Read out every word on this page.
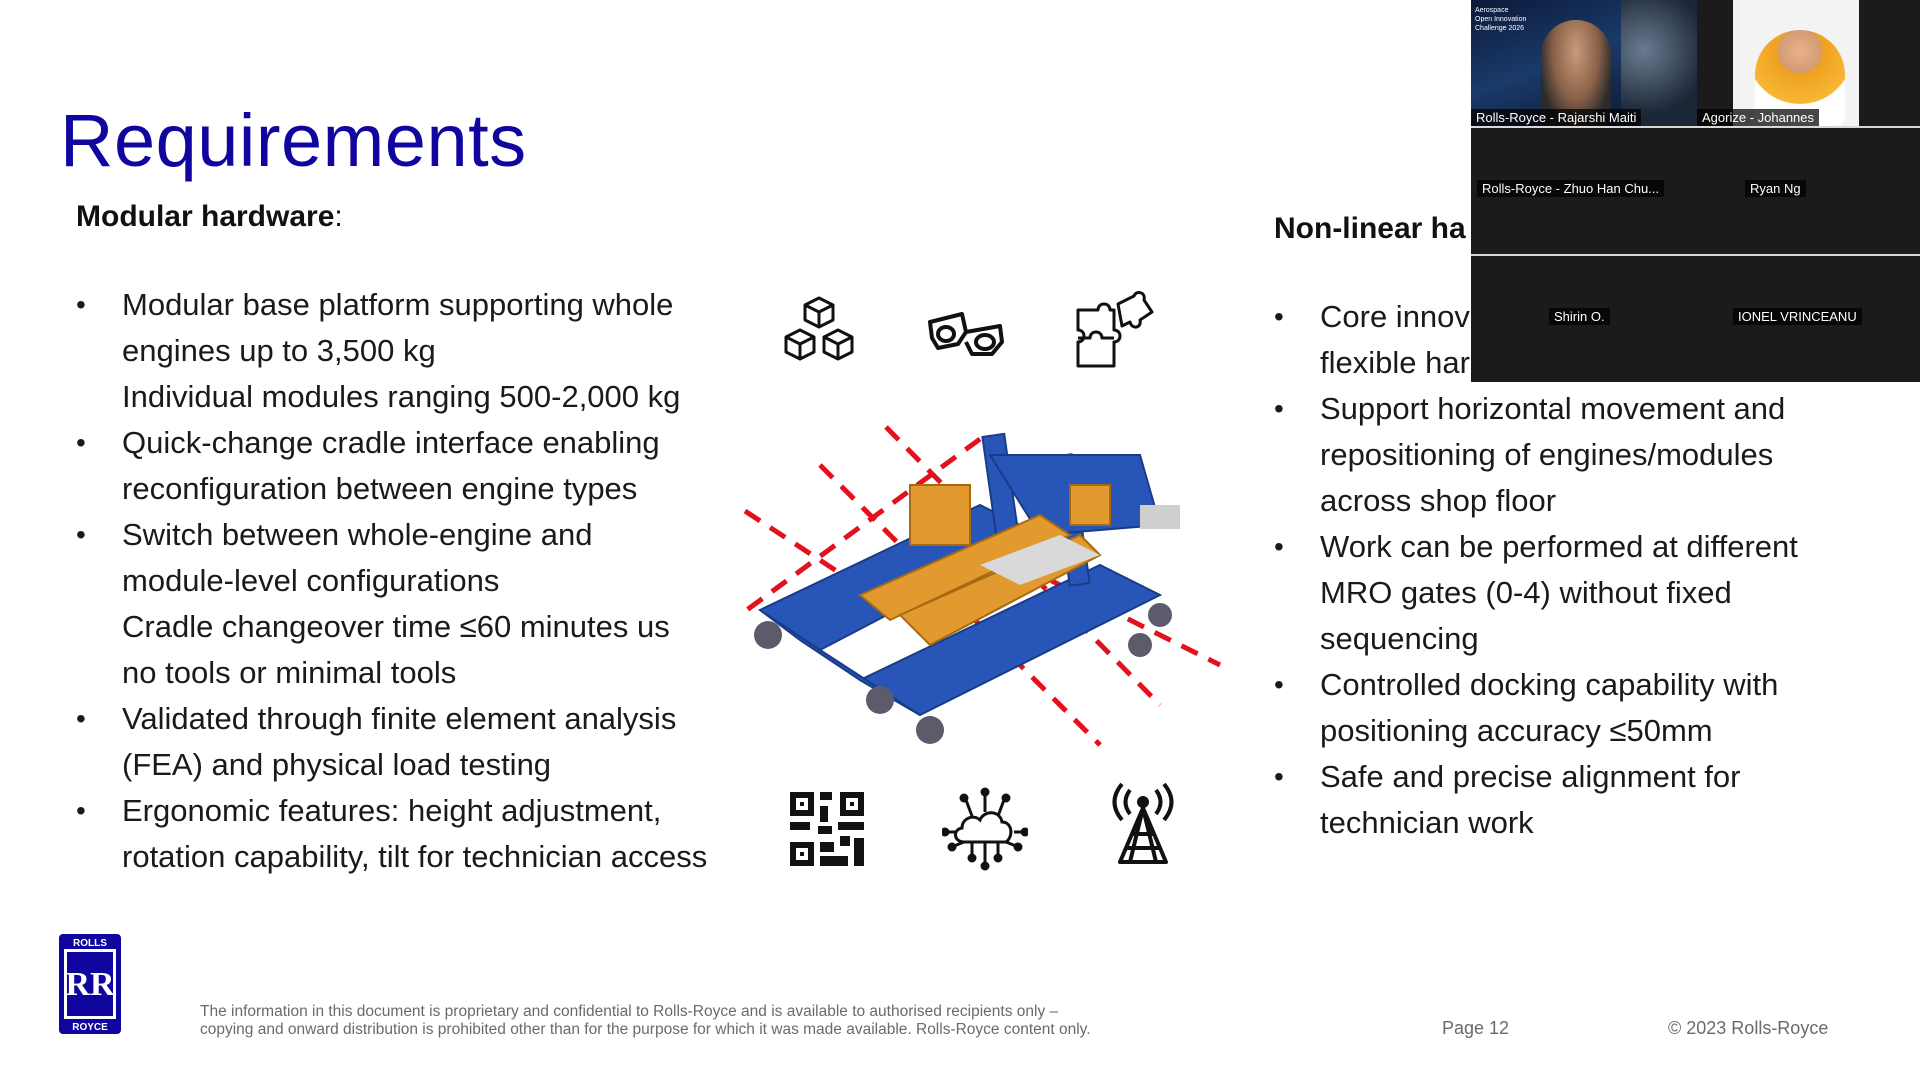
Requirements
Modular hardware:
• Modular base platform supporting whole
engines up to 3,500 kg
Individual modules ranging 500-2,000 kg
• Quick-change cradle interface enabling
reconfiguration between engine types
• Switch between whole-engine and
module-level configurations
Cradle changeover time ≤60 minutes us
no tools or minimal tools
• Validated through finite element analysis
(FEA) and physical load testing
• Ergonomic features: height adjustment,
rotation capability, tilt for technician access
Non-linear ha
• Core innov
flexible har
• Support horizontal movement and
repositioning of engines/modules
across shop floor
• Work can be performed at different
MRO gates (0-4) without fixed
sequencing
• Controlled docking capability with
positioning accuracy ≤50mm
• Safe and precise alignment for
technician work
ROLLS
RR
ROYCE
The information in this document is proprietary and confidential to Rolls-Royce and is available to authorised recipients only –
copying and onward distribution is prohibited other than for the purpose for which it was made available. Rolls-Royce content only.	Page 12	© 2023 Rolls-Royce
Aerospace
Open Innovation
Challenge 2026
Rolls-Royce - Rajarshi Maiti	Agorize - Johannes
Rolls-Royce - Zhuo Han Chu...	Ryan Ng
Shirin O.	IONEL VRINCEANU
